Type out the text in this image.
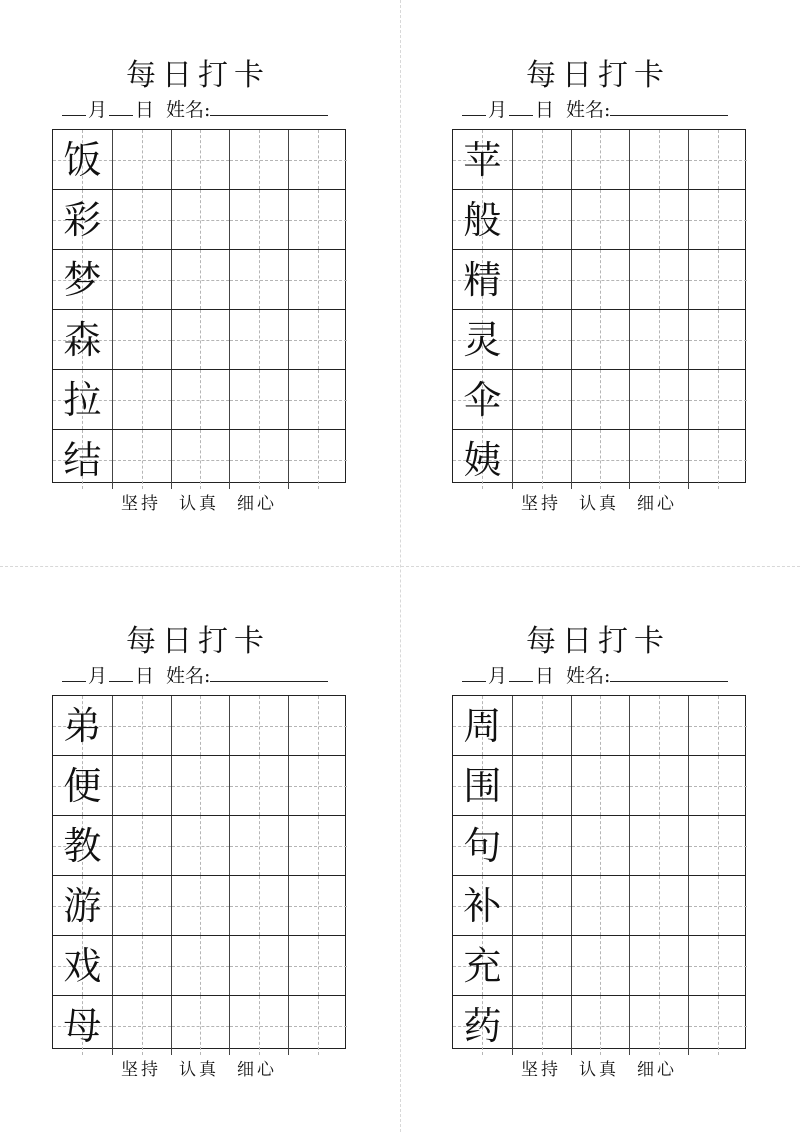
每日打卡
月 日 姓名:
饭
彩
梦
森
拉
结
坚持 认真 细心
每日打卡
月 日 姓名:
苹
般
精
灵
伞
姨
坚持 认真 细心
每日打卡
月 日 姓名:
弟
便
教
游
戏
母
坚持 认真 细心
每日打卡
月 日 姓名:
周
围
句
补
充
药
坚持 认真 细心
